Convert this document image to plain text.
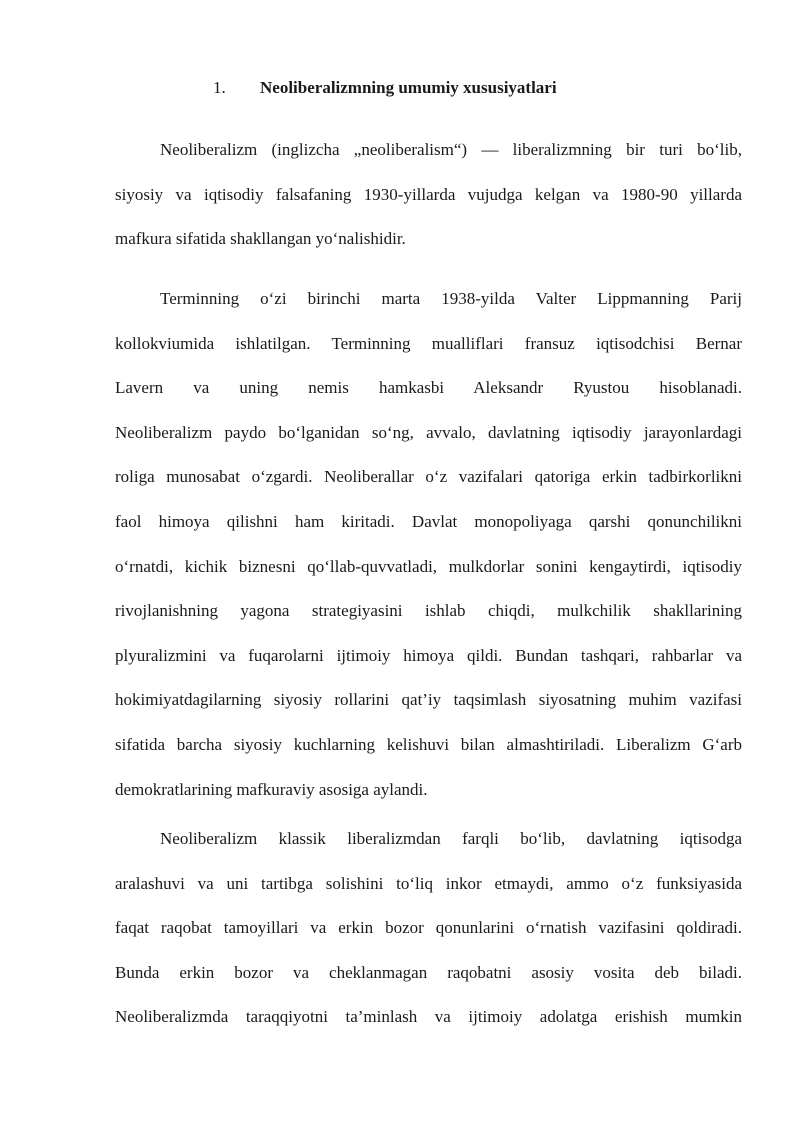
1. Neoliberalizmning umumiy xususiyatlari
Neoliberalizm (inglizcha „neoliberalism“) — liberalizmning bir turi bo‘lib,
siyosiy va iqtisodiy falsafaning 1930-yillarda vujudga kelgan va 1980-90 yillarda
mafkura sifatida shakllangan yo‘nalishidir.
Terminning o‘zi birinchi marta 1938-yilda Valter Lippmanning Parij
kollokviumida ishlatilgan. Terminning mualliflari fransuz iqtisodchisi Bernar
Lavern va uning nemis hamkasbi Aleksandr Ryustou hisoblanadi.
Neoliberalizm paydo bo‘lganidan so‘ng, avvalo, davlatning iqtisodiy jarayonlardagi
roliga munosabat o‘zgardi. Neoliberallar o‘z vazifalari qatoriga erkin tadbirkorlikni
faol himoya qilishni ham kiritadi. Davlat monopoliyaga qarshi qonunchilikni
o‘rnatdi, kichik biznesni qo‘llab-quvvatladi, mulkdorlar sonini kengaytirdi, iqtisodiy
rivojlanishning yagona strategiyasini ishlab chiqdi, mulkchilik shakllarining
plyuralizmini va fuqarolarni ijtimoiy himoya qildi. Bundan tashqari, rahbarlar va
hokimiyatdagilarning siyosiy rollarini qat’iy taqsimlash siyosatning muhim vazifasi
sifatida barcha siyosiy kuchlarning kelishuvi bilan almashtiriladi. Liberalizm G‘arb
demokratlarining mafkuraviy asosiga aylandi.
Neoliberalizm klassik liberalizmdan farqli bo‘lib, davlatning iqtisodga
aralashuvi va uni tartibga solishini to‘liq inkor etmaydi, ammo o‘z funksiyasida
faqat raqobat tamoyillari va erkin bozor qonunlarini o‘rnatish vazifasini qoldiradi.
Bunda erkin bozor va cheklanmagan raqobatni asosiy vosita deb biladi.
Neoliberalizmda taraqqiyotni ta’minlash va ijtimoiy adolatga erishish mumkin
